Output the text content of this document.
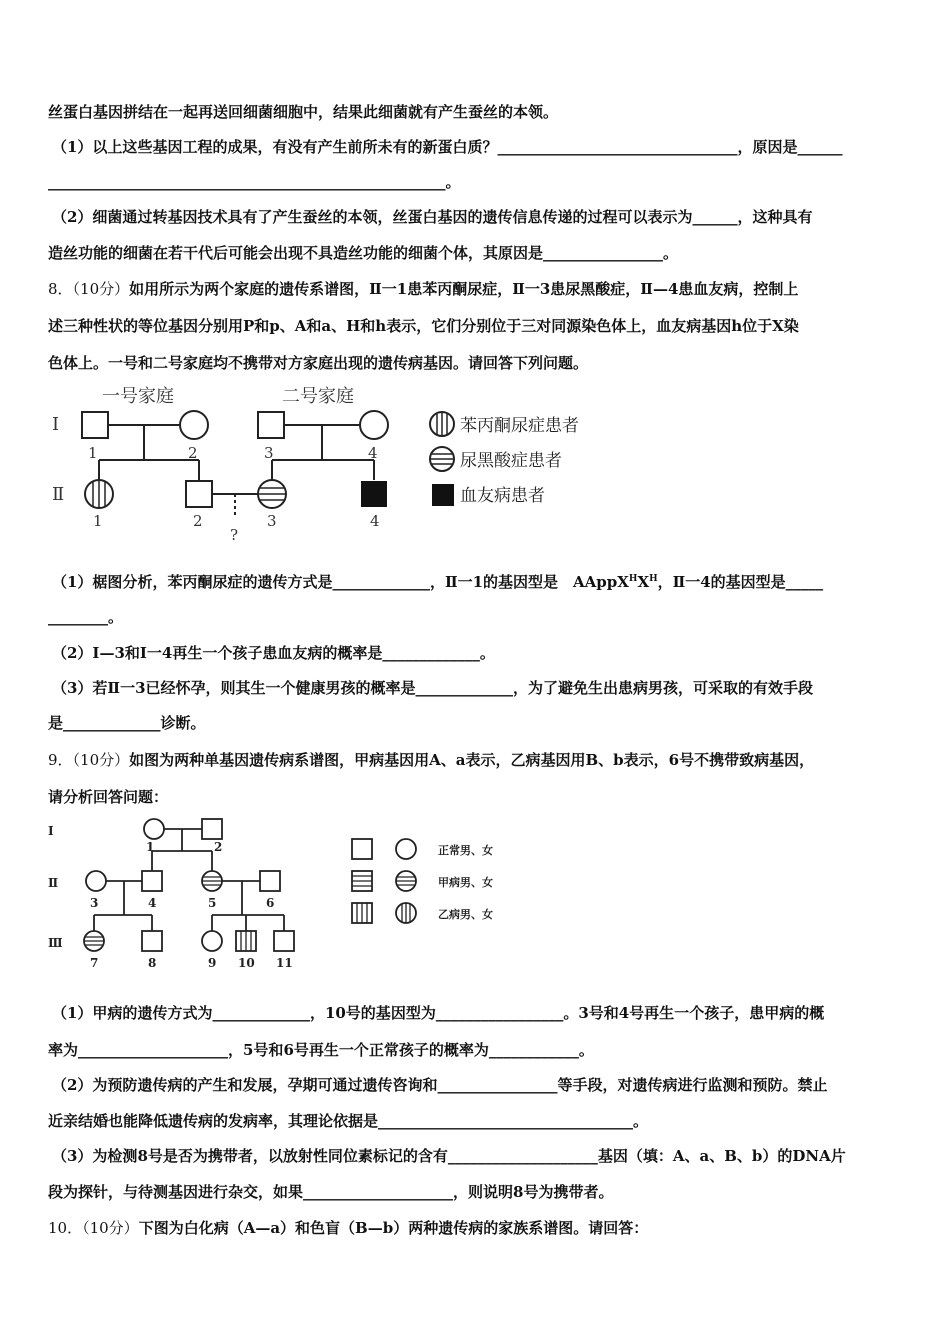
丝蛋白基因拼结在一起再送回细菌细胞中，结果此细菌就有产生蚕丝的本领。
（1）以上这些基因工程的成果，有没有产生前所未有的新蛋白质？________________________________，原因是______
_____________________________________________________。
（2）细菌通过转基因技术具有了产生蚕丝的本领，丝蛋白基因的遗传信息传递的过程可以表示为______，这种具有
造丝功能的细菌在若干代后可能会出现不具造丝功能的细菌个体，其原因是________________。
8．（10分）如用所示为两个家庭的遗传系谱图，Ⅱ一1患苯丙酮尿症，Ⅱ一3患尿黑酸症，Ⅱ—4患血友病，控制上
述三种性状的等位基因分别用P和p、A和a、H和h表示，它们分别位于三对同源染色体上，血友病基因h位于X染
色体上。一号和二号家庭均不携带对方家庭出现的遗传病基因。请回答下列问题。
一号家庭	二号家庭
Ⅰ
Ⅱ
1	2	3	4
1	2	3	4
?
苯丙酮尿症患者
尿黑酸症患者
血友病患者
（1）椐图分析，苯丙酮尿症的遗传方式是_____________，Ⅱ一1的基因型是　$AAppX^HX^H$，Ⅱ一4的基因型是_____
________。
（2）Ⅰ—3和Ⅰ一4再生一个孩子患血友病的概率是_____________。
（3）若Ⅱ一3已经怀孕，则其生一个健康男孩的概率是_____________，为了避免生出患病男孩，可采取的有效手段
是_____________诊断。
9．（10分）如图为两种单基因遗传病系谱图，甲病基因用A、a表示，乙病基因用B、b表示，6号不携带致病基因，
请分析回答问题：
Ⅰ
Ⅱ
Ⅲ
1	2
3	4	5	6
7	8	9 10 11
正常男、女
甲病男、女
乙病男、女
（1）甲病的遗传方式为_____________，10号的基因型为_________________。3号和4号再生一个孩子，患甲病的概
率为____________________，5号和6号再生一个正常孩子的概率为____________。
（2）为预防遗传病的产生和发展，孕期可通过遗传咨询和________________等手段，对遗传病进行监测和预防。禁止
近亲结婚也能降低遗传病的发病率，其理论依据是__________________________________。
（3）为检测8号是否为携带者，以放射性同位素标记的含有____________________基因（填：A、a、B、b）的DNA片
段为探针，与待测基因进行杂交，如果____________________，则说明8号为携带者。
10．（10分）下图为白化病（A—a）和色盲（B—b）两种遗传病的家族系谱图。请回答：
